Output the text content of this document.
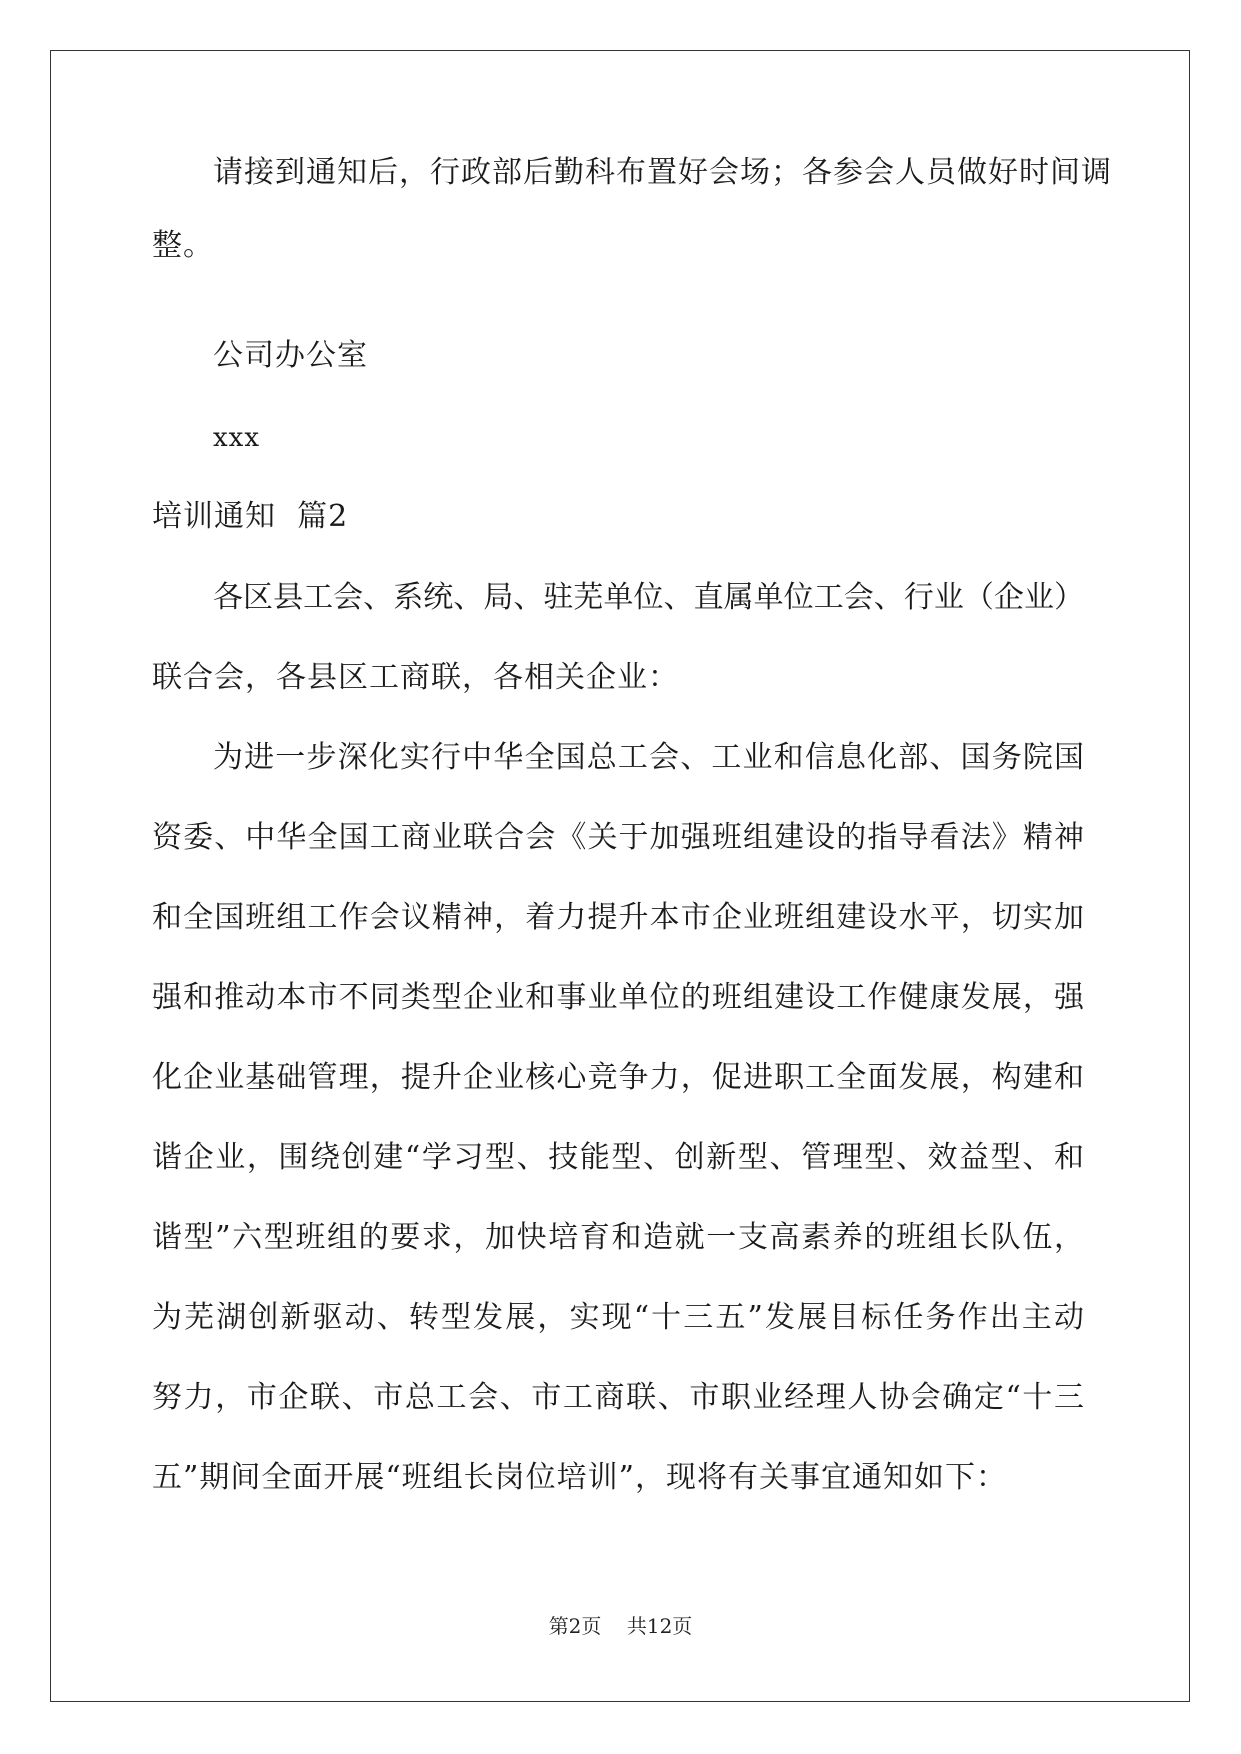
请接到通知后，行政部后勤科布置好会场；各参会人员做好时间调
整。
公司办公室
xxx
培训通知  篇2
各区县工会、系统、局、驻芜单位、直属单位工会、行业（企业）
联合会，各县区工商联，各相关企业：
为进一步深化实行中华全国总工会、工业和信息化部、国务院国
资委、中华全国工商业联合会《关于加强班组建设的指导看法》精神
和全国班组工作会议精神，着力提升本市企业班组建设水平，切实加
强和推动本市不同类型企业和事业单位的班组建设工作健康发展，强
化企业基础管理，提升企业核心竞争力，促进职工全面发展，构建和
谐企业，围绕创建“学习型、技能型、创新型、管理型、效益型、和
谐型”六型班组的要求，加快培育和造就一支高素养的班组长队伍，
为芜湖创新驱动、转型发展，实现“十三五”发展目标任务作出主动
努力，市企联、市总工会、市工商联、市职业经理人协会确定“十三
五”期间全面开展“班组长岗位培训”，现将有关事宜通知如下：
第2页    共12页
